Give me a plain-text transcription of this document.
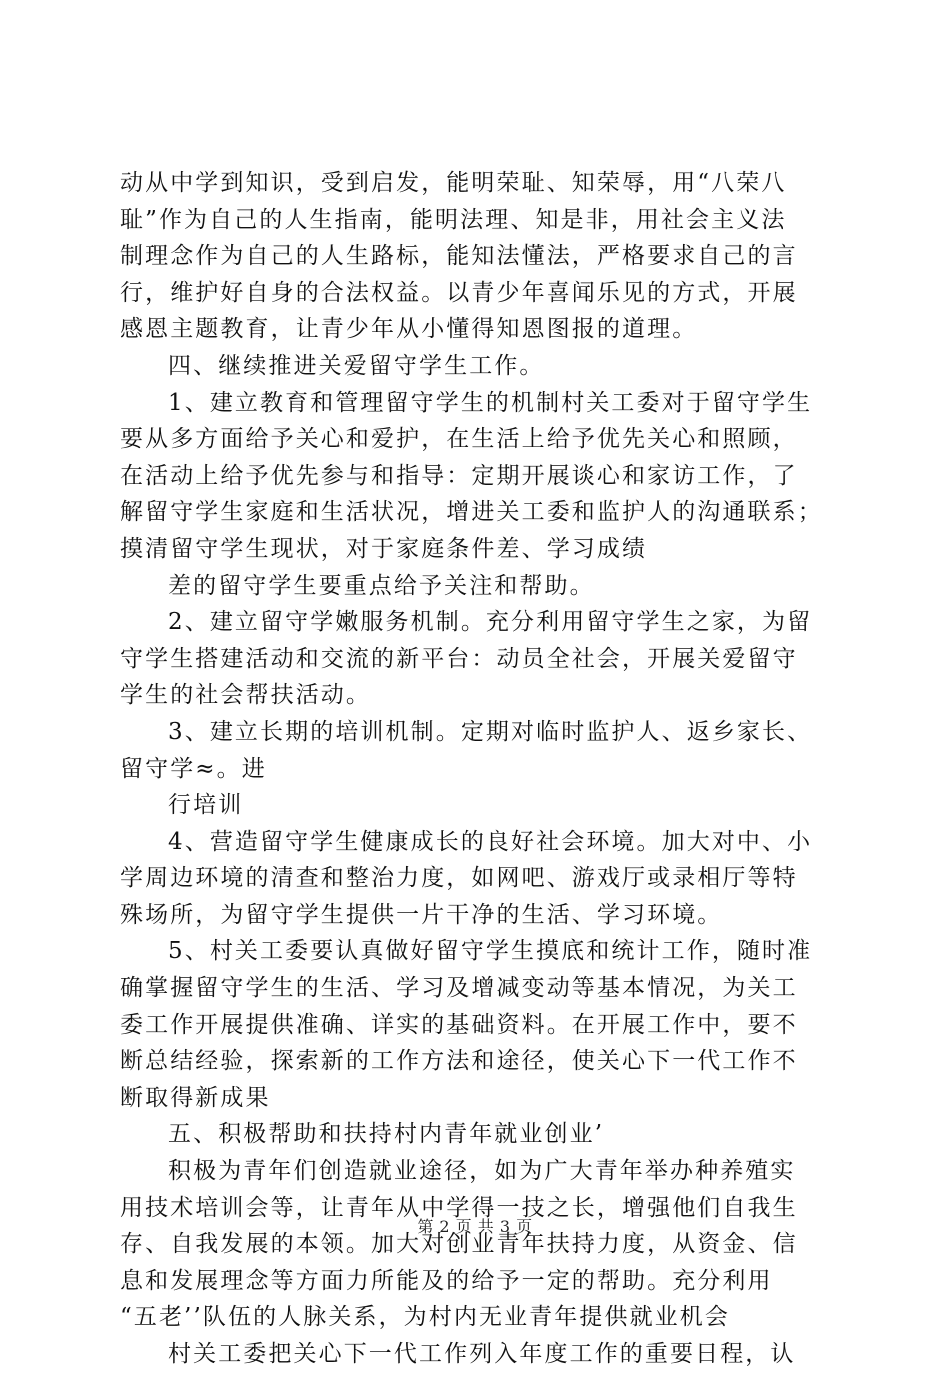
动从中学到知识，受到启发，能明荣耻、知荣辱，用“八荣八
耻”作为自己的人生指南，能明法理、知是非，用社会主义法
制理念作为自己的人生路标，能知法懂法，严格要求自己的言
行，维护好自身的合法权益。以青少年喜闻乐见的方式，开展
感恩主题教育，让青少年从小懂得知恩图报的道理。
四、继续推进关爱留守学生工作。
1、建立教育和管理留守学生的机制村关工委对于留守学生
要从多方面给予关心和爱护，在生活上给予优先关心和照顾，
在活动上给予优先参与和指导：定期开展谈心和家访工作，了
解留守学生家庭和生活状况，增进关工委和监护人的沟通联系；
摸清留守学生现状，对于家庭条件差、学习成绩
差的留守学生要重点给予关注和帮助。
2、建立留守学嫩服务机制。充分利用留守学生之家，为留
守学生搭建活动和交流的新平台：动员全社会，开展关爱留守
学生的社会帮扶活动。
3、建立长期的培训机制。定期对临时监护人、返乡家长、
留守学≈。进
行培训
4、营造留守学生健康成长的良好社会环境。加大对中、小
学周边环境的清查和整治力度，如网吧、游戏厅或录相厅等特
殊场所，为留守学生提供一片干净的生活、学习环境。
5、村关工委要认真做好留守学生摸底和统计工作，随时准
确掌握留守学生的生活、学习及增减变动等基本情况，为关工
委工作开展提供准确、详实的基础资料。在开展工作中，要不
断总结经验，探索新的工作方法和途径，使关心下一代工作不
断取得新成果
五、积极帮助和扶持村内青年就业创业’
积极为青年们创造就业途径，如为广大青年举办种养殖实
用技术培训会等，让青年从中学得一技之长，增强他们自我生
存、自我发展的本领。加大对创业青年扶持力度，从资金、信
息和发展理念等方面力所能及的给予一定的帮助。充分利用
“五老’’队伍的人脉关系，为村内无业青年提供就业机会
村关工委把关心下一代工作列入年度工作的重要日程，认
第 2 页 共 3 页
